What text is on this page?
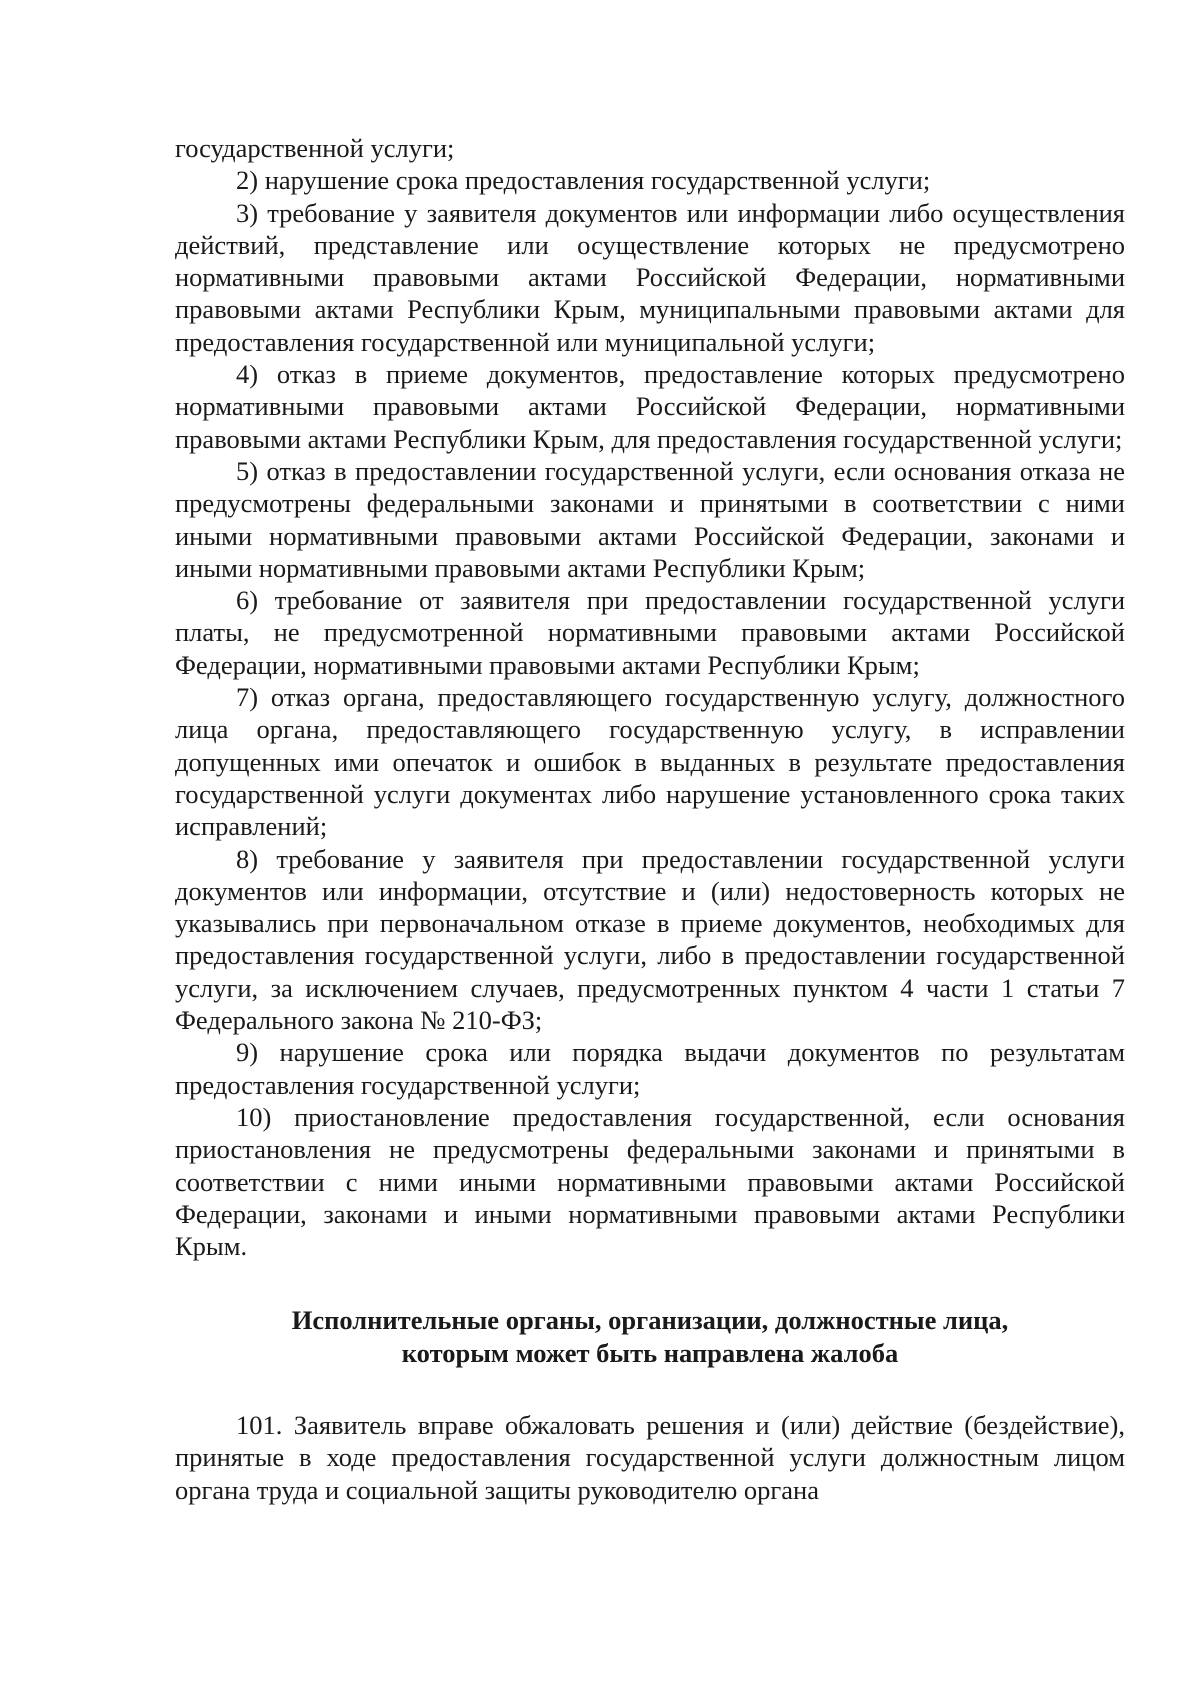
государственной услуги;

2) нарушение срока предоставления государственной услуги;

3) требование у заявителя документов или информации либо осуществления действий, представление или осуществление которых не предусмотрено нормативными правовыми актами Российской Федерации, нормативными правовыми актами Республики Крым, муниципальными правовыми актами для предоставления государственной или муниципальной услуги;

4) отказ в приеме документов, предоставление которых предусмотрено нормативными правовыми актами Российской Федерации, нормативными правовыми актами Республики Крым, для предоставления государственной услуги;

5) отказ в предоставлении государственной услуги, если основания отказа не предусмотрены федеральными законами и принятыми в соответствии с ними иными нормативными правовыми актами Российской Федерации, законами и иными нормативными правовыми актами Республики Крым;

6) требование от заявителя при предоставлении государственной услуги платы, не предусмотренной нормативными правовыми актами Российской Федерации, нормативными правовыми актами Республики Крым;

7) отказ органа, предоставляющего государственную услугу, должностного лица органа, предоставляющего государственную услугу, в исправлении допущенных ими опечаток и ошибок в выданных в результате предоставления государственной услуги документах либо нарушение установленного срока таких исправлений;

8) требование у заявителя при предоставлении государственной услуги документов или информации, отсутствие и (или) недостоверность которых не указывались при первоначальном отказе в приеме документов, необходимых для предоставления государственной услуги, либо в предоставлении государственной услуги, за исключением случаев, предусмотренных пунктом 4 части 1 статьи 7 Федерального закона № 210-ФЗ;

9) нарушение срока или порядка выдачи документов по результатам предоставления государственной услуги;

10) приостановление предоставления государственной, если основания приостановления не предусмотрены федеральными законами и принятыми в соответствии с ними иными нормативными правовыми актами Российской Федерации, законами и иными нормативными правовыми актами Республики Крым.

Исполнительные органы, организации, должностные лица,
которым может быть направлена жалоба

101. Заявитель вправе обжаловать решения и (или) действие (бездействие), принятые в ходе предоставления государственной услуги должностным лицом органа труда и социальной защиты руководителю органа
